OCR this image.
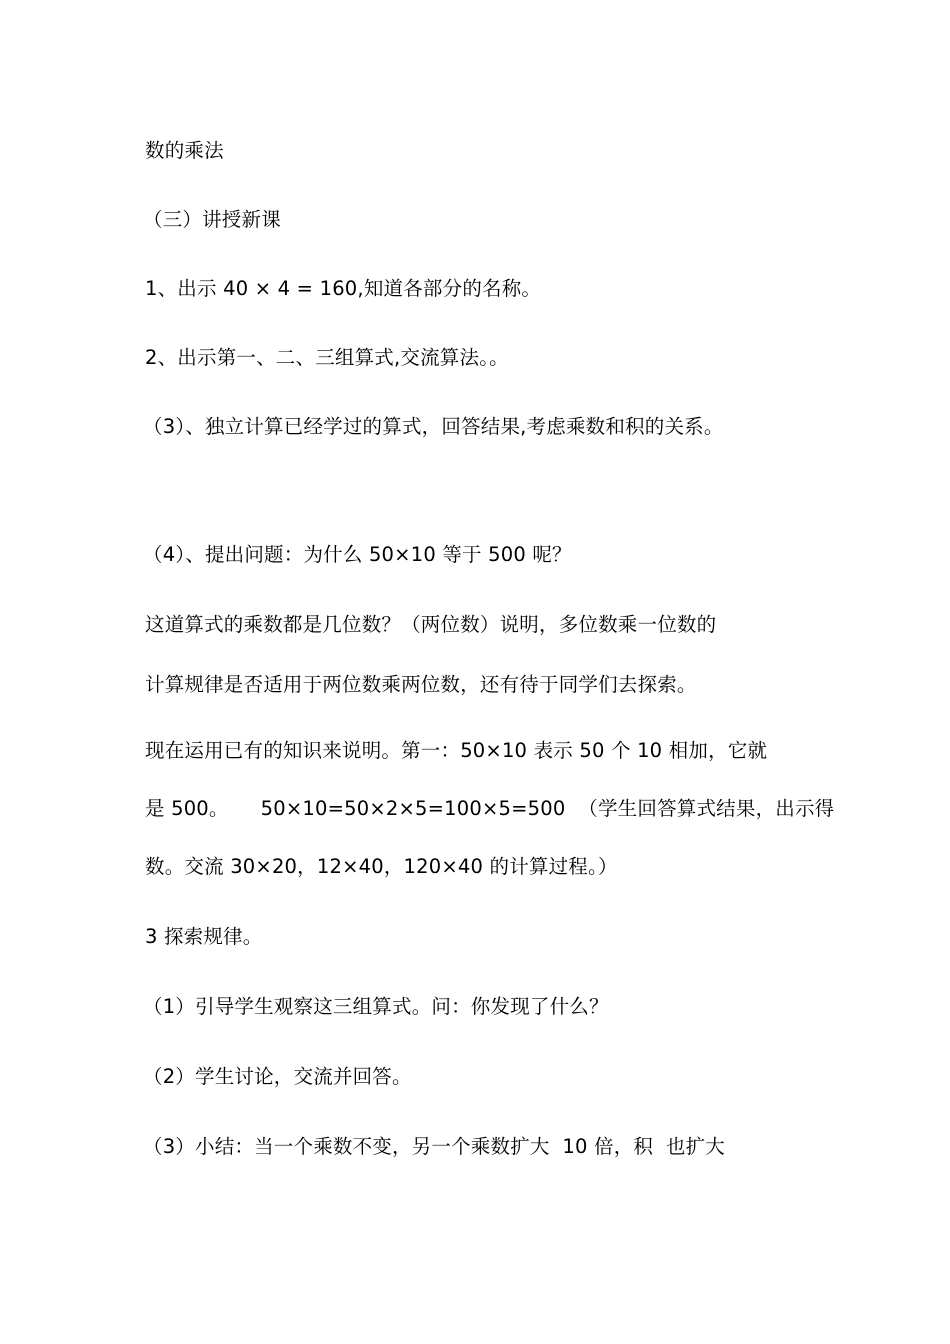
数的乘法
（三）讲授新课
1、出示 40 × 4 = 160,知道各部分的名称。
2、出示第一、二、三组算式,交流算法。。
（3）、独立计算已经学过的算式，回答结果,考虑乘数和积的关系。
（4）、提出问题：为什么 50×10 等于 500 呢？
这道算式的乘数都是几位数？（两位数）说明，多位数乘一位数的
计算规律是否适用于两位数乘两位数，还有待于同学们去探索。
现在运用已有的知识来说明。第一：50×10 表示 50 个 10 相加，它就
是 500。     50×10=50×2×5=100×5=500  （学生回答算式结果，出示得
数。交流 30×20，12×40，120×40 的计算过程。）
3 探索规律。
（1）引导学生观察这三组算式。问：你发现了什么？
（2）学生讨论，交流并回答。
（3）小结：当一个乘数不变，另一个乘数扩大  10 倍，积  也扩大
